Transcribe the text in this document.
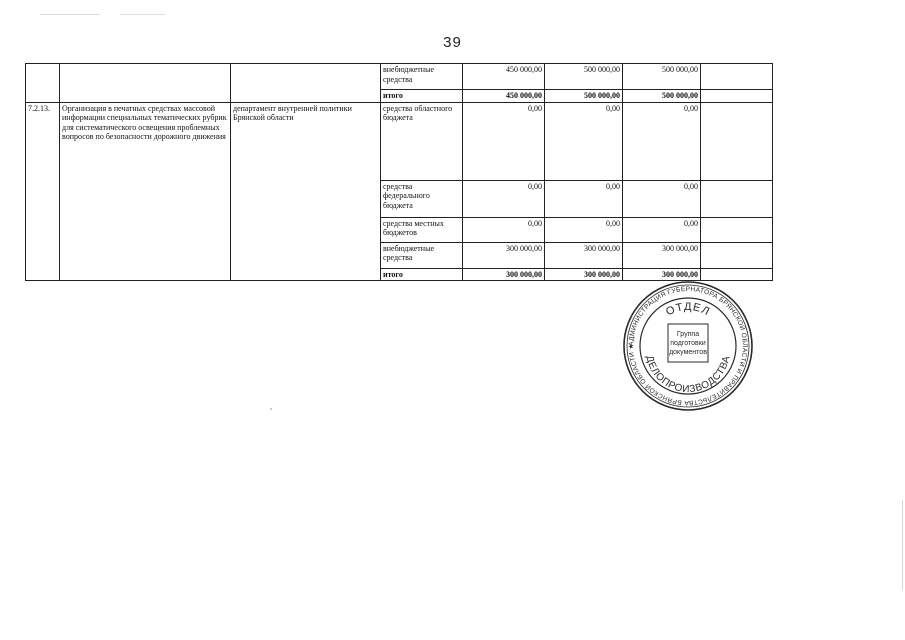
39
			внебюджетные средства	450 000,00	500 000,00	500 000,00	
			итого	450 000,00	500 000,00	500 000,00	
7.2.13.	Организация в печатных средствах массовой информации специальных тематических рубрик для систематического освещения проблемных вопросов по безопасности дорожного движения	департамент внутренней политики Брянской области	средства областного бюджета	0,00	0,00	0,00	
			средства федерального бюджета	0,00	0,00	0,00	
			средства местных бюджетов	0,00	0,00	0,00	
			внебюджетные средства	300 000,00	300 000,00	300 000,00	
			итого	300 000,00	300 000,00	300 000,00	
АДМИНИСТРАЦИЯ ГУБЕРНАТОРА БРЯНСКОЙ ОБЛАСТИ И ПРАВИТЕЛЬСТВА БРЯНСКОЙ ОБЛАСТИ ★
ОТДЕЛ
ДЕЛОПРОИЗВОДСТВА
Группа
подготовки
документов
